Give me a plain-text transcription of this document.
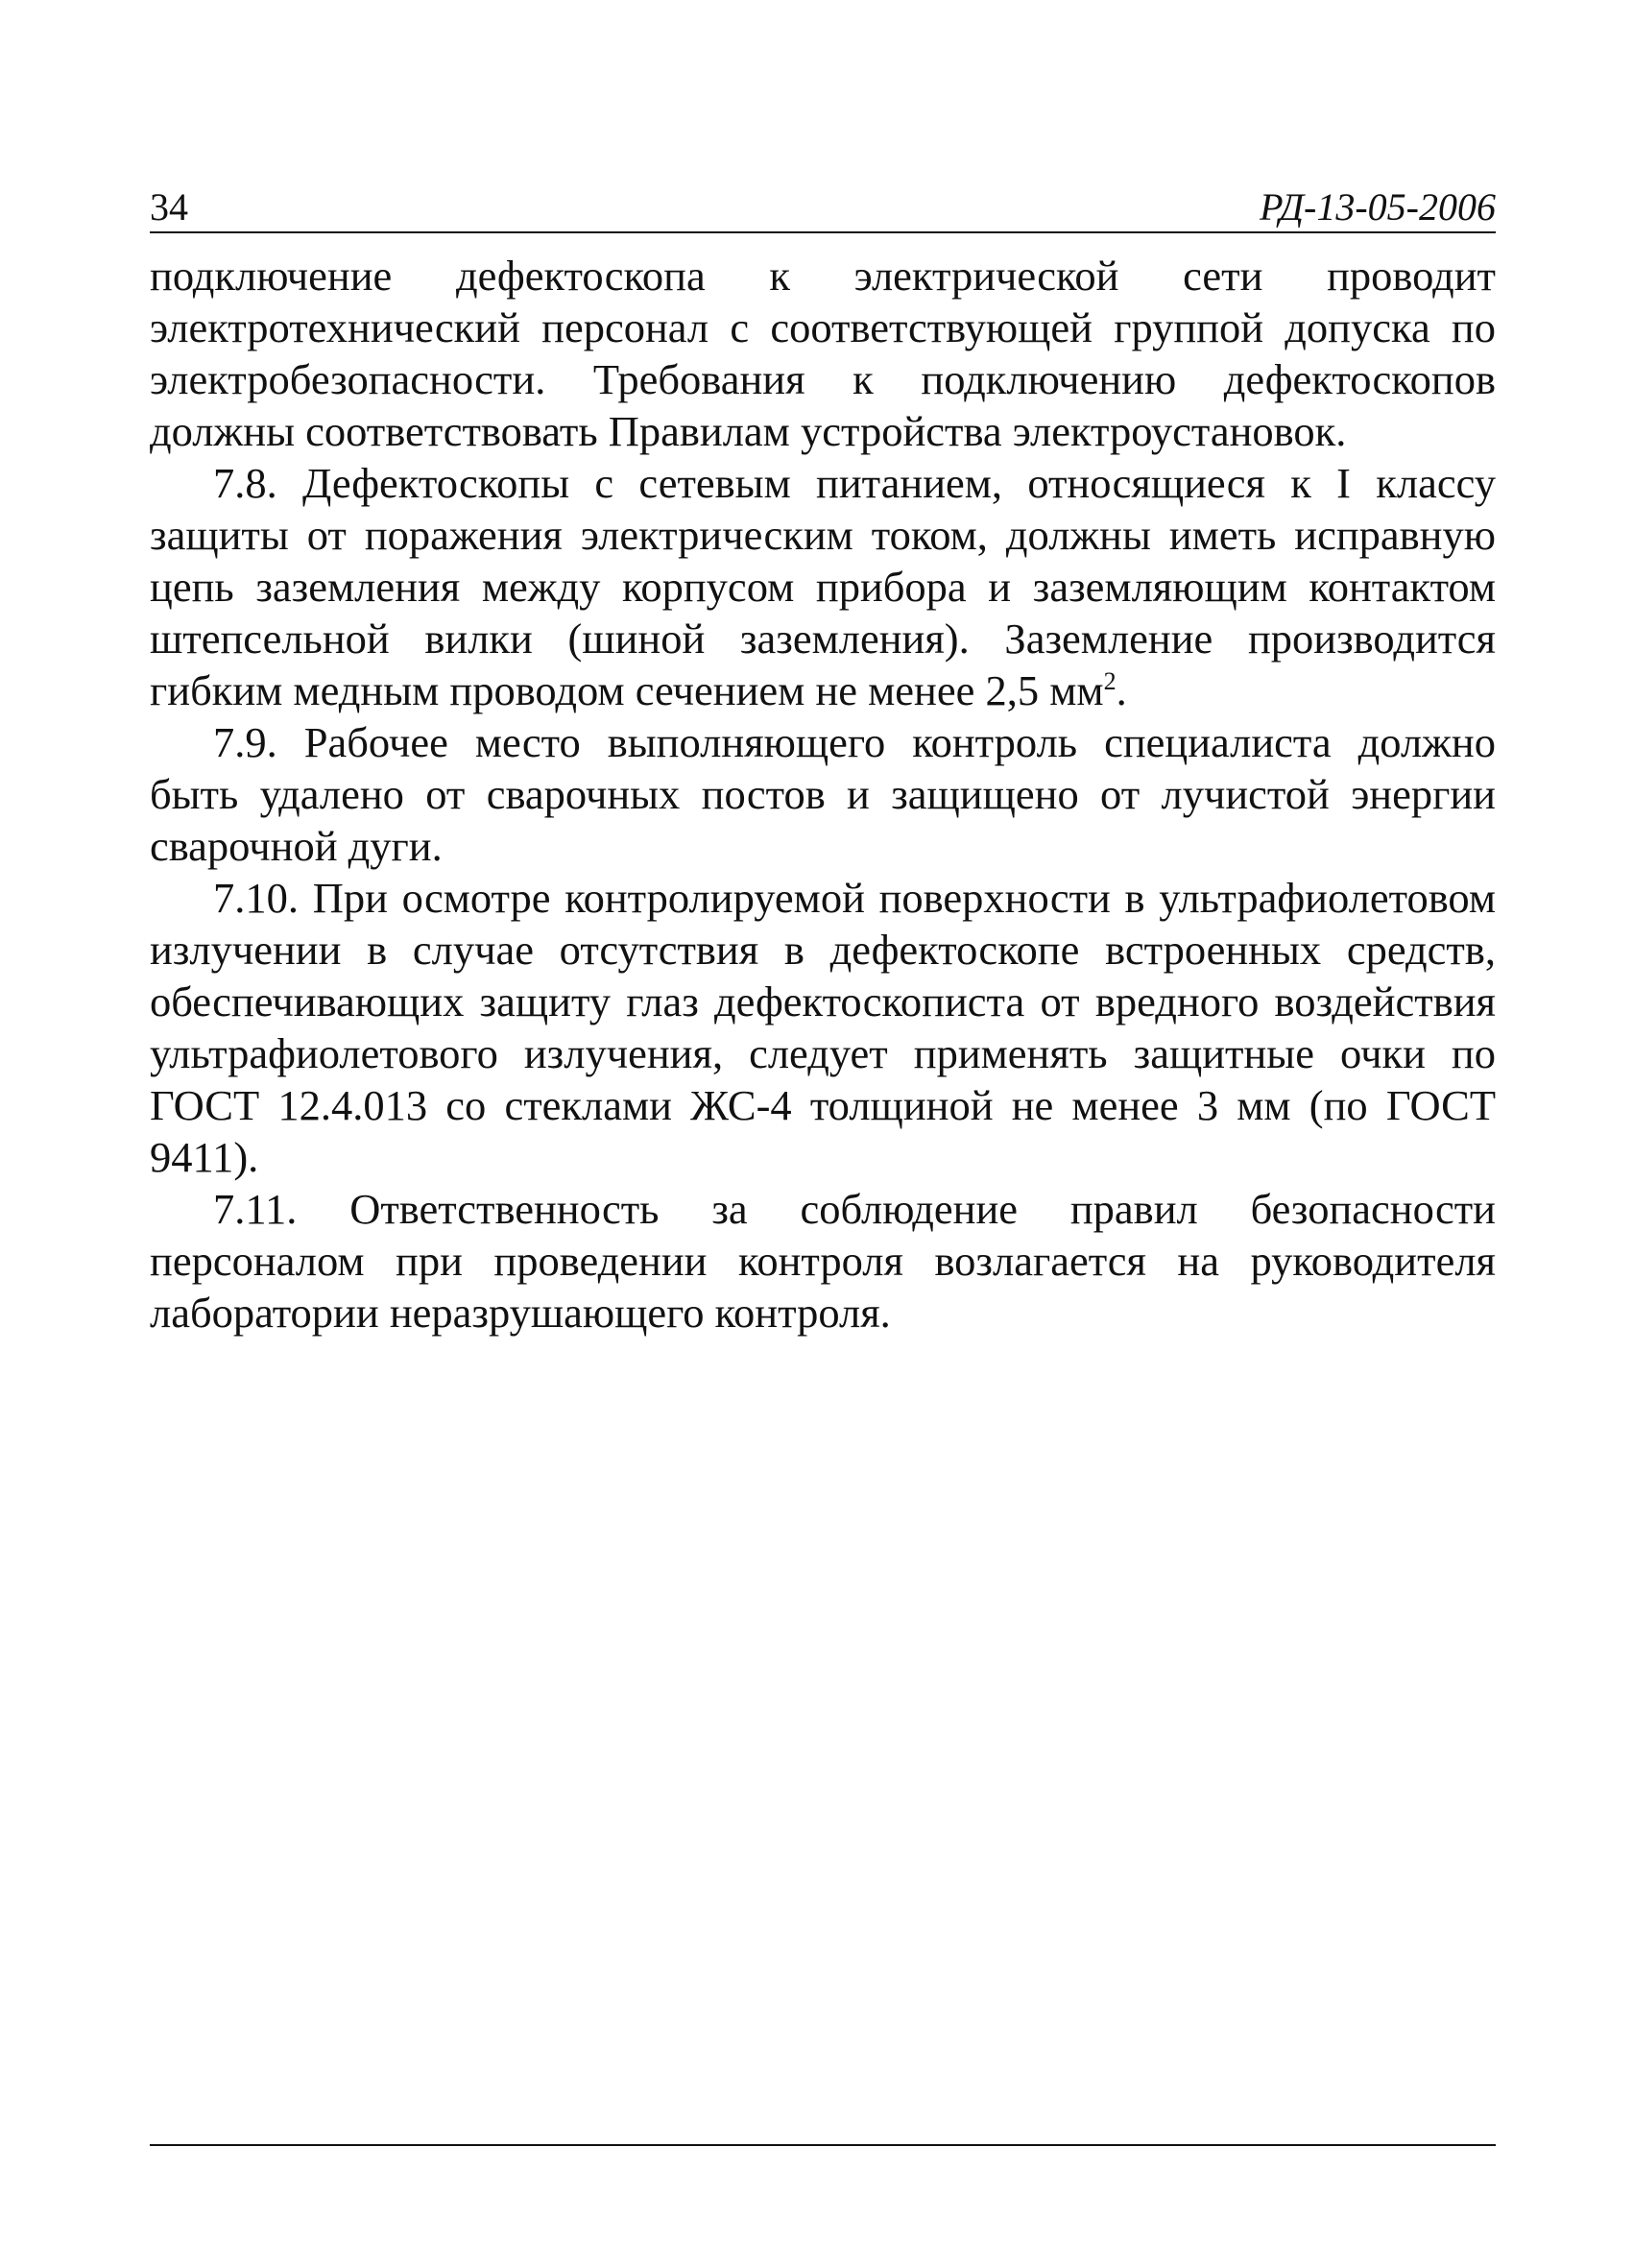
34	РД-13-05-2006

подключение дефектоскопа к электрической сети проводит электротехнический персонал с соответствующей группой допуска по электробезопасности. Требования к подключению дефектоскопов должны соответствовать Правилам устройства электроустановок.

7.8. Дефектоскопы с сетевым питанием, относящиеся к I классу защиты от поражения электрическим током, должны иметь исправную цепь заземления между корпусом прибора и заземляющим контактом штепсельной вилки (шиной заземления). Заземление производится гибким медным проводом сечением не менее 2,5 $мм^2$.

7.9. Рабочее место выполняющего контроль специалиста должно быть удалено от сварочных постов и защищено от лучистой энергии сварочной дуги.

7.10. При осмотре контролируемой поверхности в ультрафиолетовом излучении в случае отсутствия в дефектоскопе встроенных средств, обеспечивающих защиту глаз дефектоскописта от вредного воздействия ультрафиолетового излучения, следует применять защитные очки по ГОСТ 12.4.013 со стеклами ЖС-4 толщиной не менее 3 мм (по ГОСТ 9411).

7.11. Ответственность за соблюдение правил безопасности персоналом при проведении контроля возлагается на руководителя лаборатории неразрушающего контроля.
